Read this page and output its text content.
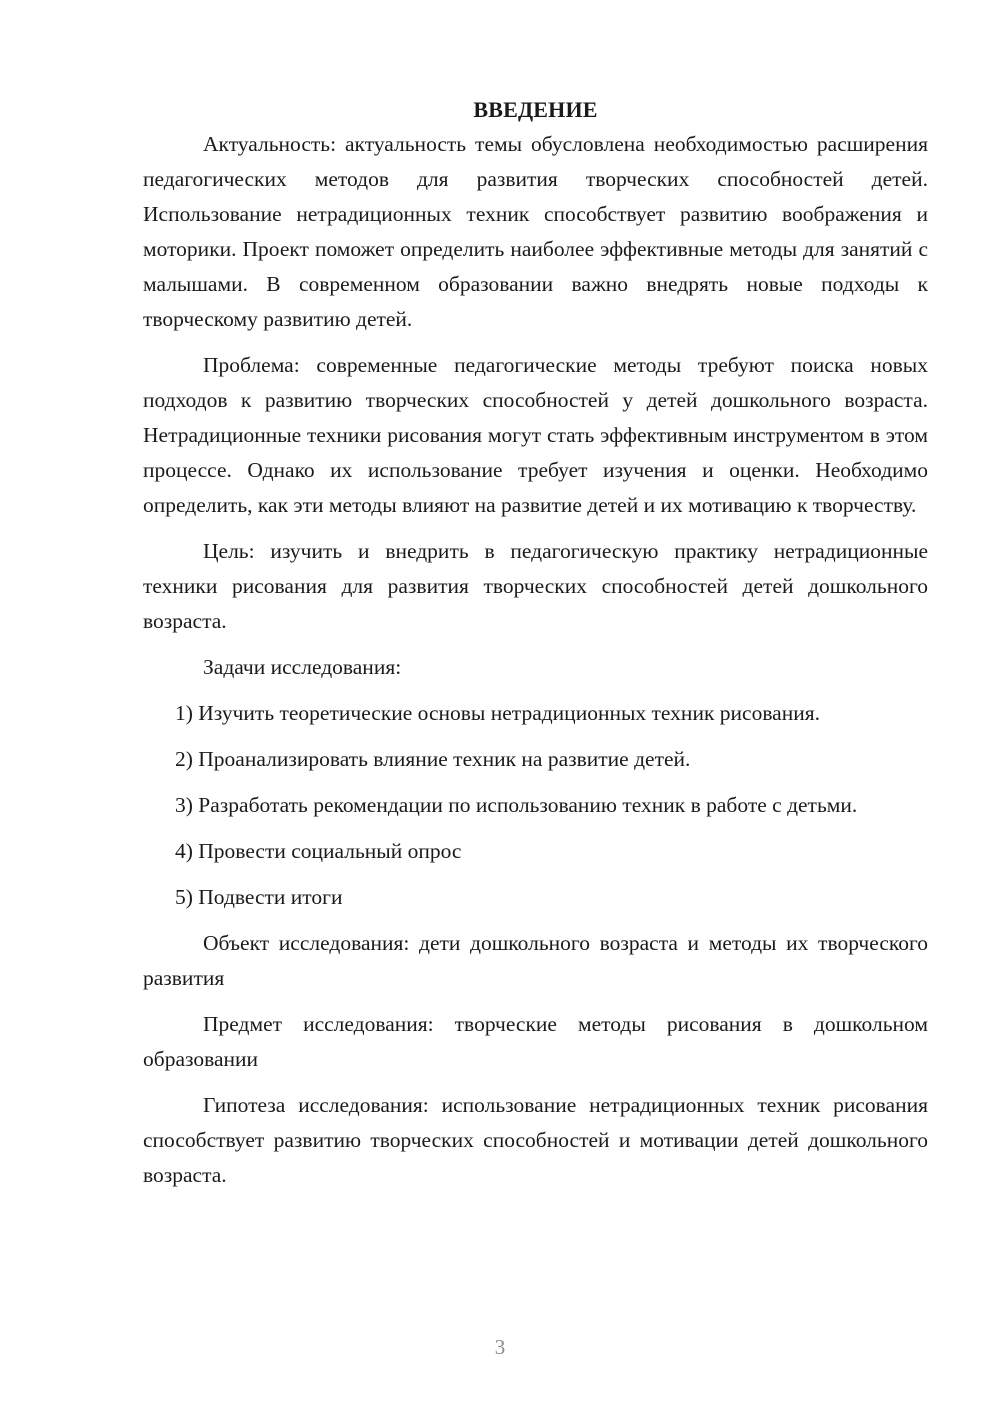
ВВЕДЕНИЕ

Актуальность: актуальность темы обусловлена необходимостью расширения педагогических методов для развития творческих способностей детей. Использование нетрадиционных техник способствует развитию воображения и моторики. Проект поможет определить наиболее эффективные методы для занятий с малышами. В современном образовании важно внедрять новые подходы к творческому развитию детей.

Проблема: современные педагогические методы требуют поиска новых подходов к развитию творческих способностей у детей дошкольного возраста. Нетрадиционные техники рисования могут стать эффективным инструментом в этом процессе. Однако их использование требует изучения и оценки. Необходимо определить, как эти методы влияют на развитие детей и их мотивацию к творчеству.

Цель: изучить и внедрить в педагогическую практику нетрадиционные техники рисования для развития творческих способностей детей дошкольного возраста.

Задачи исследования:

1) Изучить теоретические основы нетрадиционных техник рисования.

2) Проанализировать влияние техник на развитие детей.

3) Разработать рекомендации по использованию техник в работе с детьми.

4) Провести социальный опрос

5) Подвести итоги

Объект исследования: дети дошкольного возраста и методы их творческого развития

Предмет исследования: творческие методы рисования в дошкольном образовании

Гипотеза исследования: использование нетрадиционных техник рисования способствует развитию творческих способностей и мотивации детей дошкольного возраста.

3
